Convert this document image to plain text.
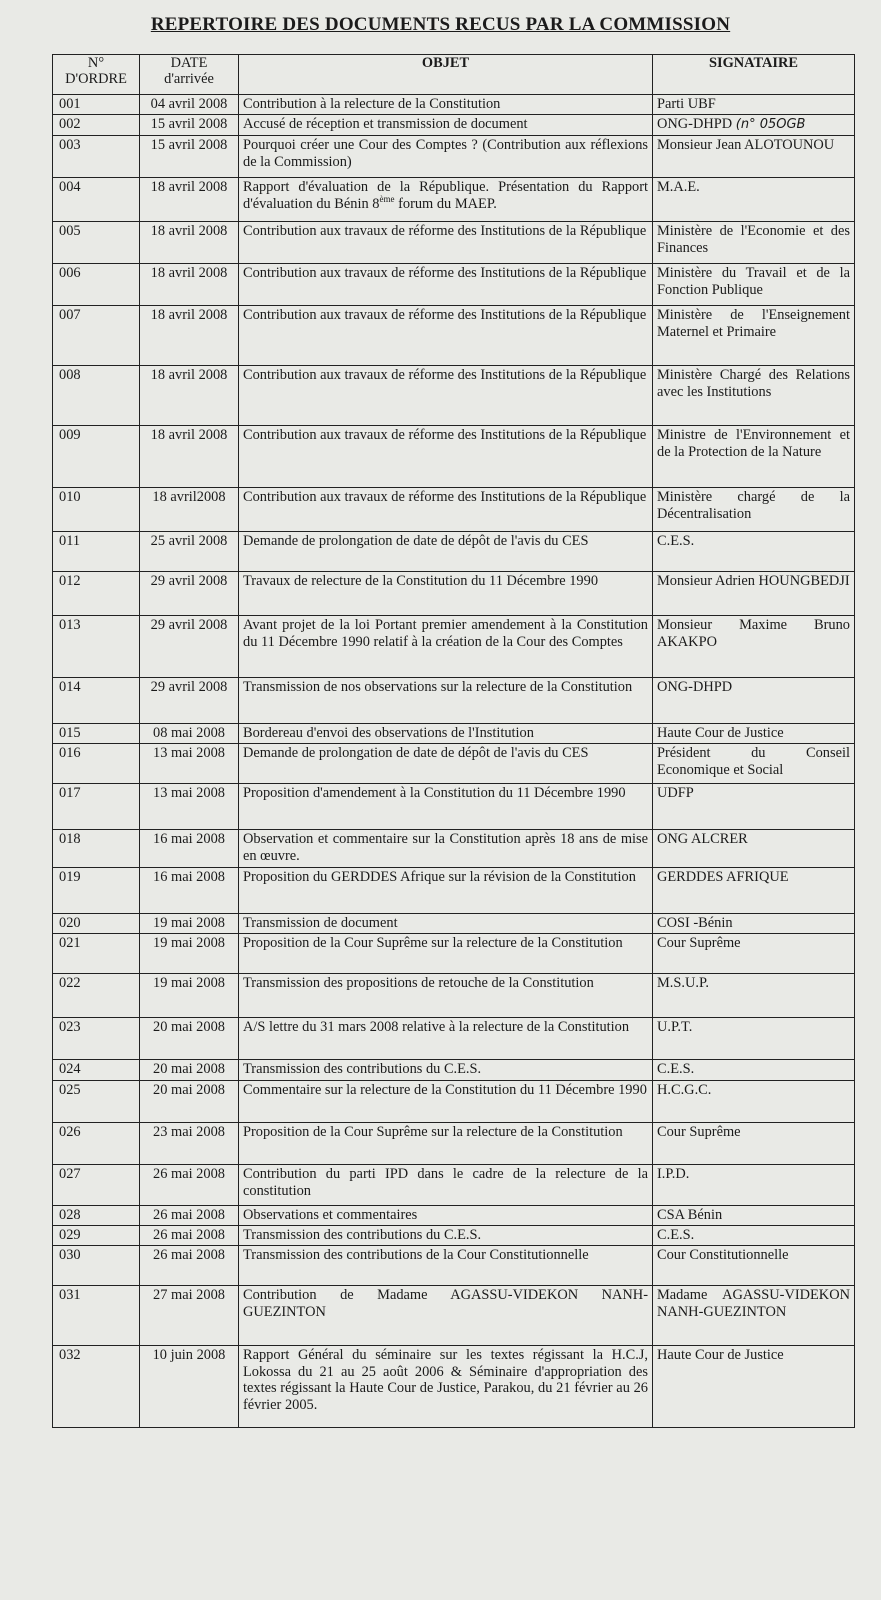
REPERTOIRE DES DOCUMENTS RECUS PAR LA COMMISSION
N° D'ORDRE	DATE d'arrivée	OBJET	SIGNATAIRE
001	04 avril 2008	Contribution à la relecture de la Constitution	Parti UBF
002	15 avril 2008	Accusé de réception et transmission de document	ONG-DHPD (n° 05OGB
003	15 avril 2008	Pourquoi créer une Cour des Comptes ? (Contribution aux réflexions de la Commission)	Monsieur Jean ALOTOUNOU
004	18 avril 2008	Rapport d'évaluation de la République. Présentation du Rapport d'évaluation du Bénin 8ème forum du MAEP.	M.A.E.
005	18 avril 2008	Contribution aux travaux de réforme des Institutions de la République	Ministère de l'Economie et des Finances
006	18 avril 2008	Contribution aux travaux de réforme des Institutions de la République	Ministère du Travail et de la Fonction Publique
007	18 avril 2008	Contribution aux travaux de réforme des Institutions de la République	Ministère de l'Enseignement Maternel et Primaire
008	18 avril 2008	Contribution aux travaux de réforme des Institutions de la République	Ministère Chargé des Relations avec les Institutions
009	18 avril 2008	Contribution aux travaux de réforme des Institutions de la République	Ministre de l'Environnement et de la Protection de la Nature
010	18 avril2008	Contribution aux travaux de réforme des Institutions de la République	Ministère chargé de la Décentralisation
011	25 avril 2008	Demande de prolongation de date de dépôt de l'avis du CES	C.E.S.
012	29 avril 2008	Travaux de relecture de la Constitution du 11 Décembre 1990	Monsieur Adrien HOUNGBEDJI
013	29 avril 2008	Avant projet de la loi Portant premier amendement à la Constitution du 11 Décembre 1990 relatif à la création de la Cour des Comptes	Monsieur Maxime Bruno AKAKPO
014	29 avril 2008	Transmission de nos observations sur la relecture de la Constitution	ONG-DHPD
015	08 mai 2008	Bordereau d'envoi des observations de l'Institution	Haute Cour de Justice
016	13 mai 2008	Demande de prolongation de date de dépôt de l'avis du CES	Président du Conseil Economique et Social
017	13 mai 2008	Proposition d'amendement à la Constitution du 11 Décembre 1990	UDFP
018	16 mai 2008	Observation et commentaire sur la Constitution après 18 ans de mise en œuvre.	ONG ALCRER
019	16 mai 2008	Proposition du GERDDES Afrique sur la révision de la Constitution	GERDDES AFRIQUE
020	19 mai 2008	Transmission de document	COSI -Bénin
021	19 mai 2008	Proposition de la Cour Suprême sur la relecture de la Constitution	Cour Suprême
022	19 mai 2008	Transmission des propositions de retouche de la Constitution	M.S.U.P.
023	20 mai 2008	A/S lettre du 31 mars 2008 relative à la relecture de la Constitution	U.P.T.
024	20 mai 2008	Transmission des contributions du C.E.S.	C.E.S.
025	20 mai 2008	Commentaire sur la relecture de la Constitution du 11 Décembre 1990	H.C.G.C.
026	23 mai 2008	Proposition de la Cour Suprême sur la relecture de la Constitution	Cour Suprême
027	26 mai 2008	Contribution du parti IPD dans le cadre de la relecture de la constitution	I.P.D.
028	26 mai 2008	Observations et commentaires	CSA Bénin
029	26 mai 2008	Transmission des contributions du C.E.S.	C.E.S.
030	26 mai 2008	Transmission des contributions de la Cour Constitutionnelle	Cour Constitutionnelle
031	27 mai 2008	Contribution de Madame AGASSU-VIDEKON NANH-GUEZINTON	Madame AGASSU-VIDEKON NANH-GUEZINTON
032	10 juin 2008	Rapport Général du séminaire sur les textes régissant la H.C.J, Lokossa du 21 au 25 août 2006 & Séminaire d'appropriation des textes régissant la Haute Cour de Justice, Parakou, du 21 février au 26 février 2005.	Haute Cour de Justice
